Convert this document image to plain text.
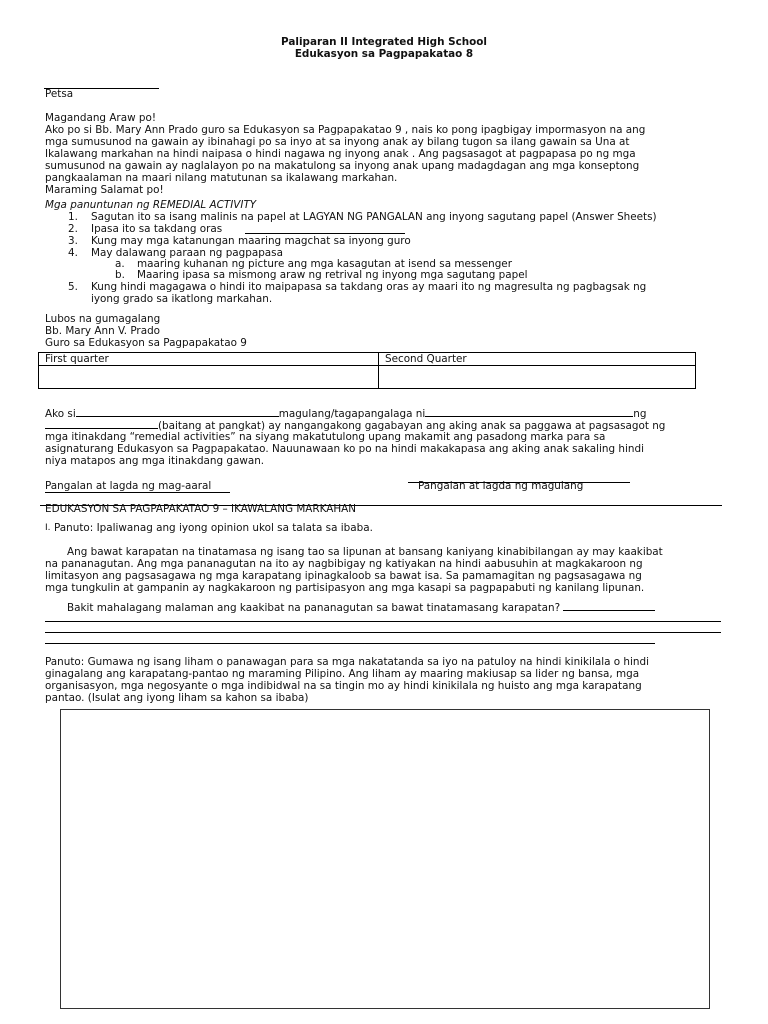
Paliparan II Integrated High School
Edukasyon sa Pagpapakatao 8
Petsa
Magandang Araw po!
Ako po si Bb. Mary Ann Prado guro sa Edukasyon sa Pagpapakatao 9 , nais ko pong ipagbigay impormasyon na ang
mga sumusunod na gawain ay ibinahagi po sa inyo at sa inyong anak ay bilang tugon sa ilang gawain sa Una at
Ikalawang markahan na hindi naipasa o hindi nagawa ng inyong anak . Ang pagsasagot at pagpapasa po ng mga
sumusunod na gawain ay naglalayon po na makatulong sa inyong anak upang madagdagan ang mga konseptong
pangkaalaman na maari nilang matutunan sa ikalawang markahan.
Maraming Salamat po!
Mga panuntunan ng REMEDIAL ACTIVITY
1. Sagutan ito sa isang malinis na papel at LAGYAN NG PANGALAN ang inyong sagutang papel (Answer Sheets)
2. Ipasa ito sa takdang oras
3. Kung may mga katanungan maaring magchat sa inyong guro
4. May dalawang paraan ng pagpapasa
a. maaring kuhanan ng picture ang mga kasagutan at isend sa messenger
b. Maaring ipasa sa mismong araw ng retrival ng inyong mga sagutang papel
5. Kung hindi magagawa o hindi ito maipapasa sa takdang oras ay maari ito ng magresulta ng pagbagsak ng
iyong grado sa ikatlong markahan.
Lubos na gumagalang
Bb. Mary Ann V. Prado
Guro sa Edukasyon sa Pagpapakatao 9
First quarter	Second Quarter

Ako si	magulang/tagapangalaga ni	ng
(baitang at pangkat) ay nangangakong gagabayan ang aking anak sa paggawa at pagsasagot ng
mga itinakdang “remedial activities” na siyang makatutulong upang makamit ang pasadong marka para sa
asignaturang Edukasyon sa Pagpapakatao. Nauunawaan ko po na hindi makakapasa ang aking anak sakaling hindi
niya matapos ang mga itinakdang gawan.
Pangalan at lagda ng mag-aaral	Pangalan at lagda ng magulang
EDUKASYON SA PAGPAPAKATAO 9 – IKAWALANG MARKAHAN
I. Panuto: Ipaliwanag ang iyong opinion ukol sa talata sa ibaba.
Ang bawat karapatan na tinatamasa ng isang tao sa lipunan at bansang kaniyang kinabibilangan ay may kaakibat
na pananagutan. Ang mga pananagutan na ito ay nagbibigay ng katiyakan na hindi aabusuhin at magkakaroon ng
limitasyon ang pagsasagawa ng mga karapatang ipinagkaloob sa bawat isa. Sa pamamagitan ng pagsasagawa ng
mga tungkulin at gampanin ay nagkakaroon ng partisipasyon ang mga kasapi sa pagpapabuti ng kanilang lipunan.
Bakit mahalagang malaman ang kaakibat na pananagutan sa bawat tinatamasang karapatan?
Panuto: Gumawa ng isang liham o panawagan para sa mga nakatatanda sa iyo na patuloy na hindi kinikilala o hindi
ginagalang ang karapatang-pantao ng maraming Pilipino. Ang liham ay maaring makiusap sa lider ng bansa, mga
organisasyon, mga negosyante o mga indibidwal na sa tingin mo ay hindi kinikilala ng huisto ang mga karapatang
pantao. (Isulat ang iyong liham sa kahon sa ibaba)
